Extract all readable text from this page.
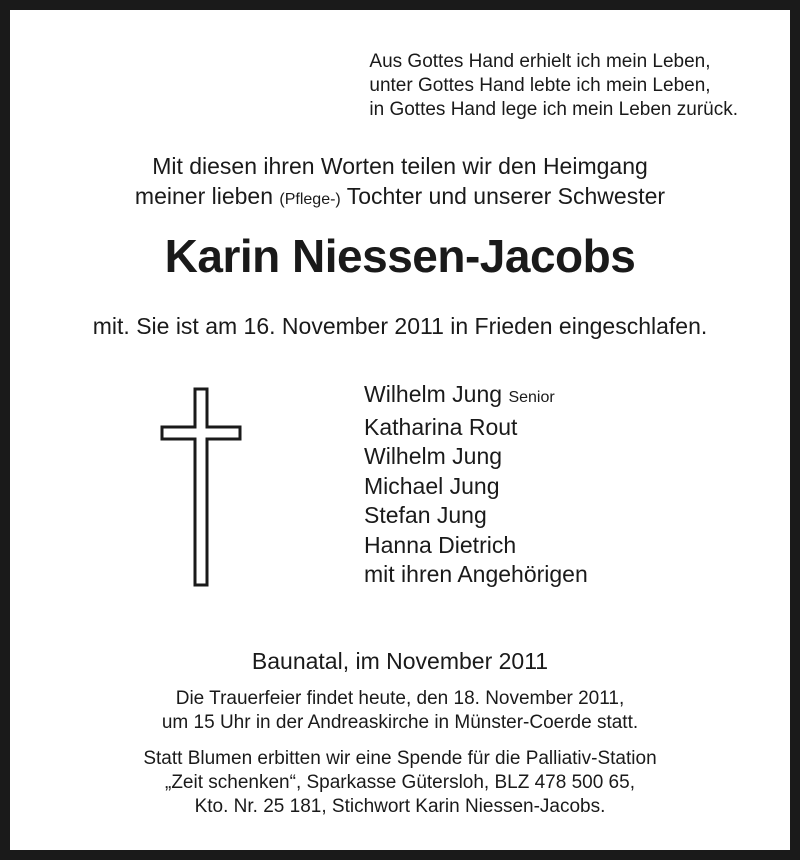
Aus Gottes Hand erhielt ich mein Leben,
unter Gottes Hand lebte ich mein Leben,
in Gottes Hand lege ich mein Leben zurück.
Mit diesen ihren Worten teilen wir den Heimgang
meiner lieben (Pflege-) Tochter und unserer Schwester
Karin Niessen-Jacobs
mit. Sie ist am 16. November 2011 in Frieden eingeschlafen.
Wilhelm Jung Senior
Katharina Rout
Wilhelm Jung
Michael Jung
Stefan Jung
Hanna Dietrich
mit ihren Angehörigen
Baunatal, im November 2011
Die Trauerfeier findet heute, den 18. November 2011,
um 15 Uhr in der Andreaskirche in Münster-Coerde statt.
Statt Blumen erbitten wir eine Spende für die Palliativ-Station
„Zeit schenken“, Sparkasse Gütersloh, BLZ 478 500 65,
Kto. Nr. 25 181, Stichwort Karin Niessen-Jacobs.
